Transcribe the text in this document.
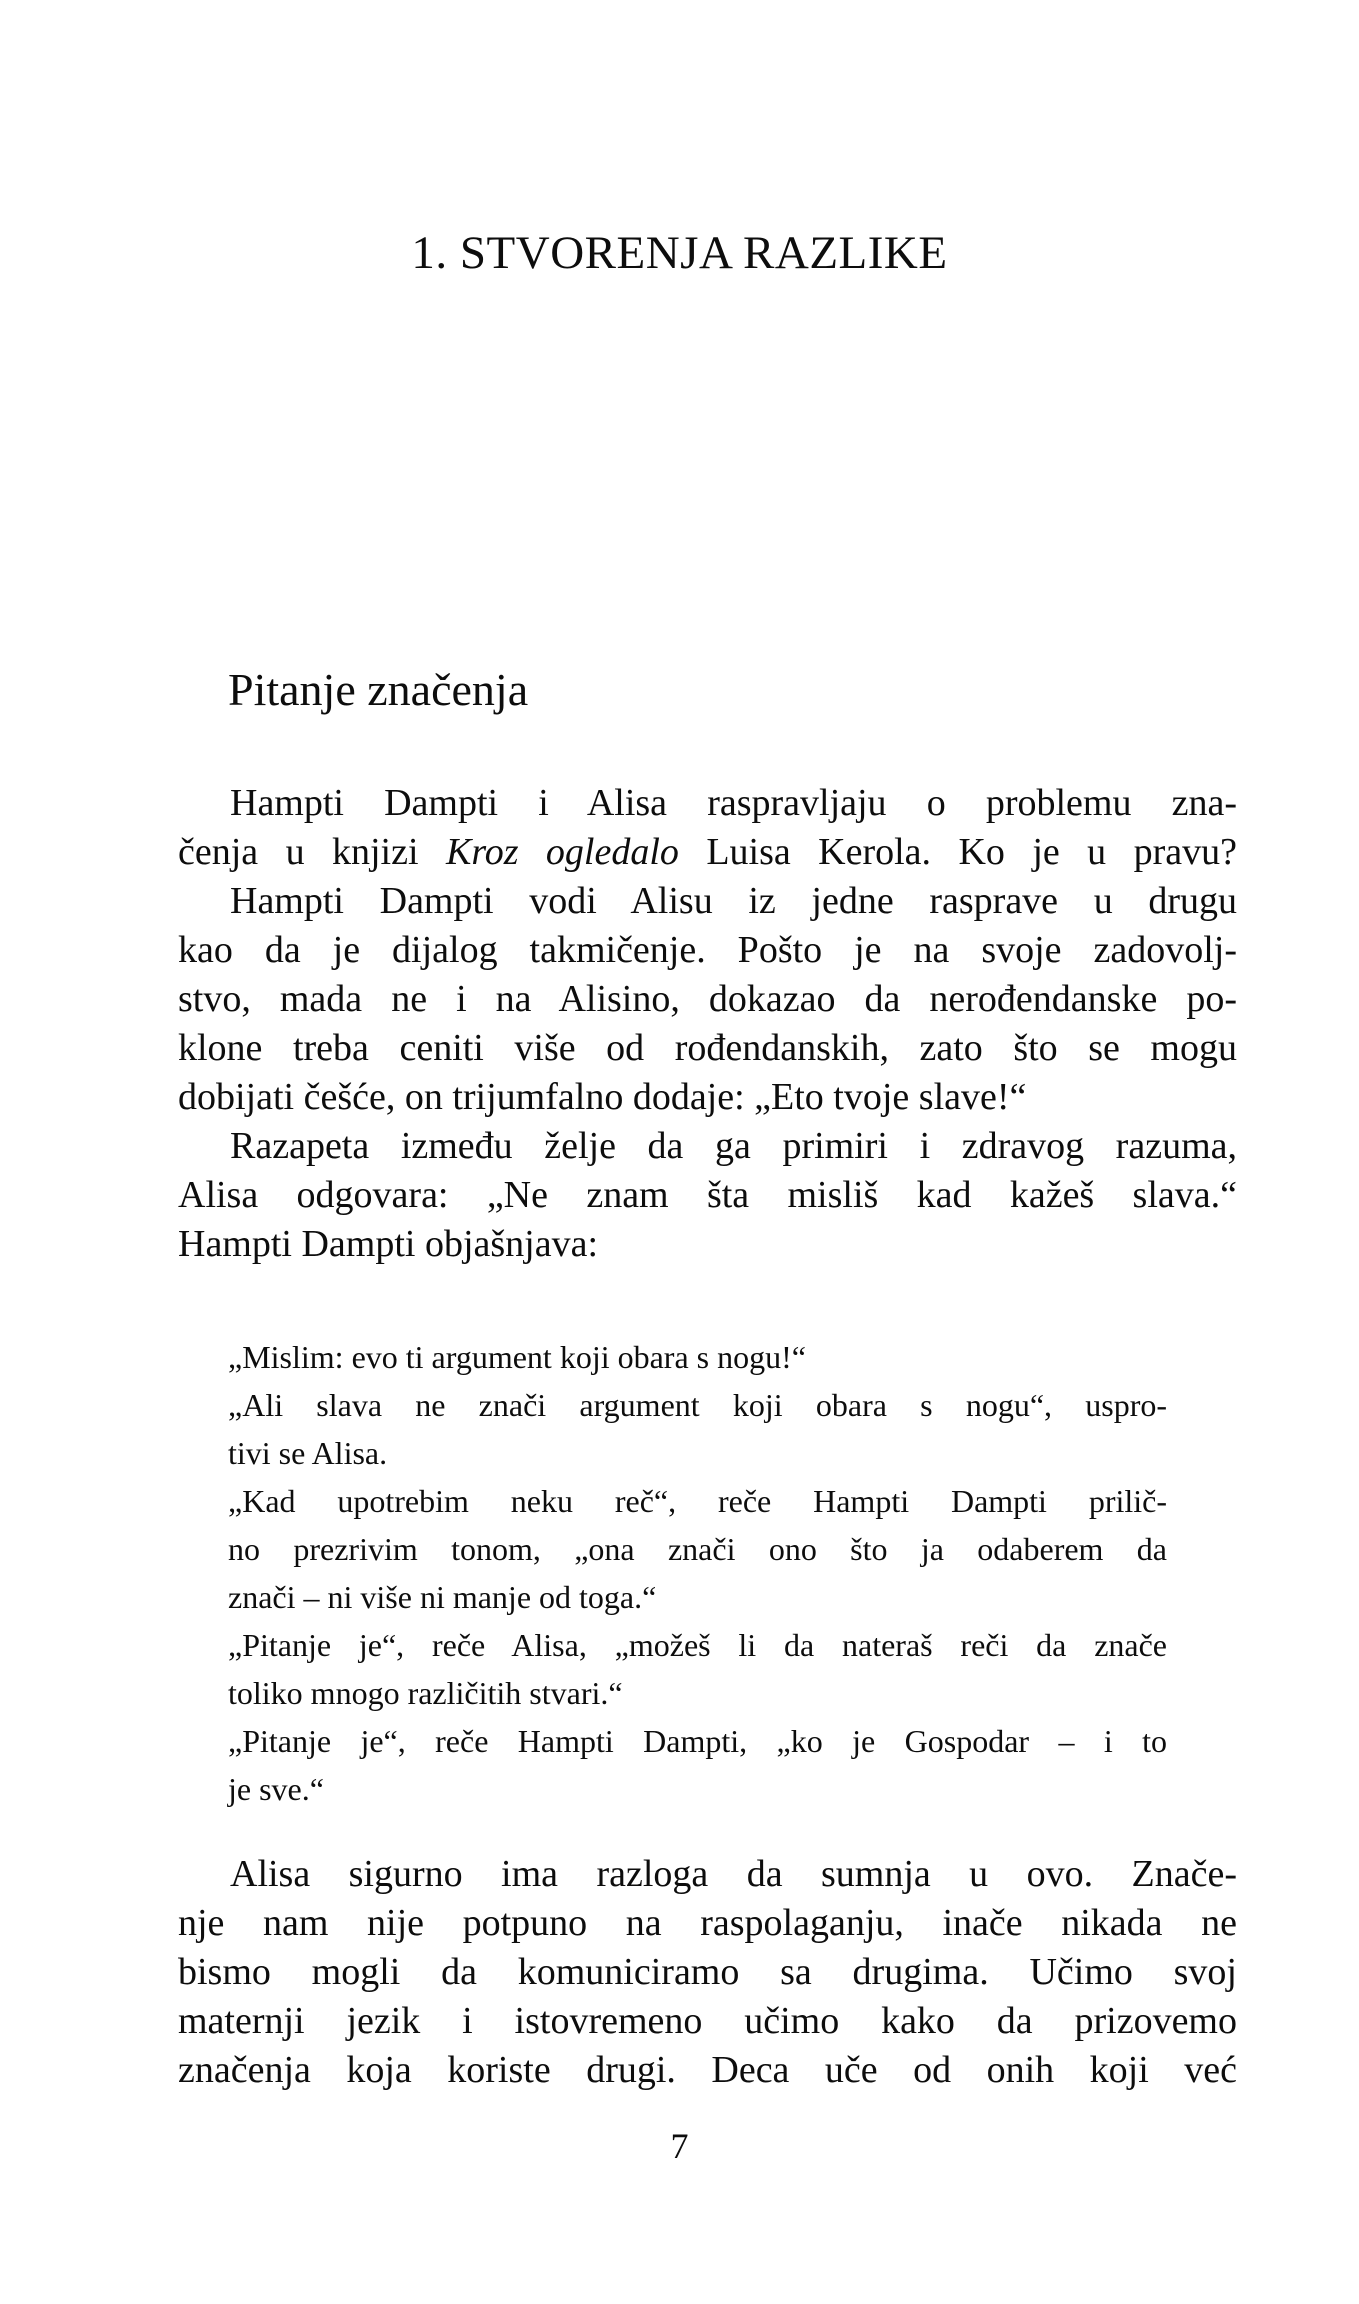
1. STVORENJA RAZLIKE
Pitanje značenja
Hampti Dampti i Alisa raspravljaju o problemu zna-
čenja u knjizi Kroz ogledalo Luisa Kerola. Ko je u pravu?
Hampti Dampti vodi Alisu iz jedne rasprave u drugu
kao da je dijalog takmičenje. Pošto je na svoje zadovolj-
stvo, mada ne i na Alisino, dokazao da nerođendanske po-
klone treba ceniti više od rođendanskih, zato što se mogu
dobijati češće, on trijumfalno dodaje: „Eto tvoje slave!“
Razapeta između želje da ga primiri i zdravog razuma,
Alisa odgovara: „Ne znam šta misliš kad kažeš slava.“
Hampti Dampti objašnjava:
„Mislim: evo ti argument koji obara s nogu!“
„Ali slava ne znači argument koji obara s nogu“, uspro-
tivi se Alisa.
„Kad upotrebim neku reč“, reče Hampti Dampti prilič-
no prezrivim tonom, „ona znači ono što ja odaberem da
znači – ni više ni manje od toga.“
„Pitanje je“, reče Alisa, „možeš li da nateraš reči da znače
toliko mnogo različitih stvari.“
„Pitanje je“, reče Hampti Dampti, „ko je Gospodar – i to
je sve.“
Alisa sigurno ima razloga da sumnja u ovo. Znače-
nje nam nije potpuno na raspolaganju, inače nikada ne
bismo mogli da komuniciramo sa drugima. Učimo svoj
maternji jezik i istovremeno učimo kako da prizovemo
značenja koja koriste drugi. Deca uče od onih koji već
7
